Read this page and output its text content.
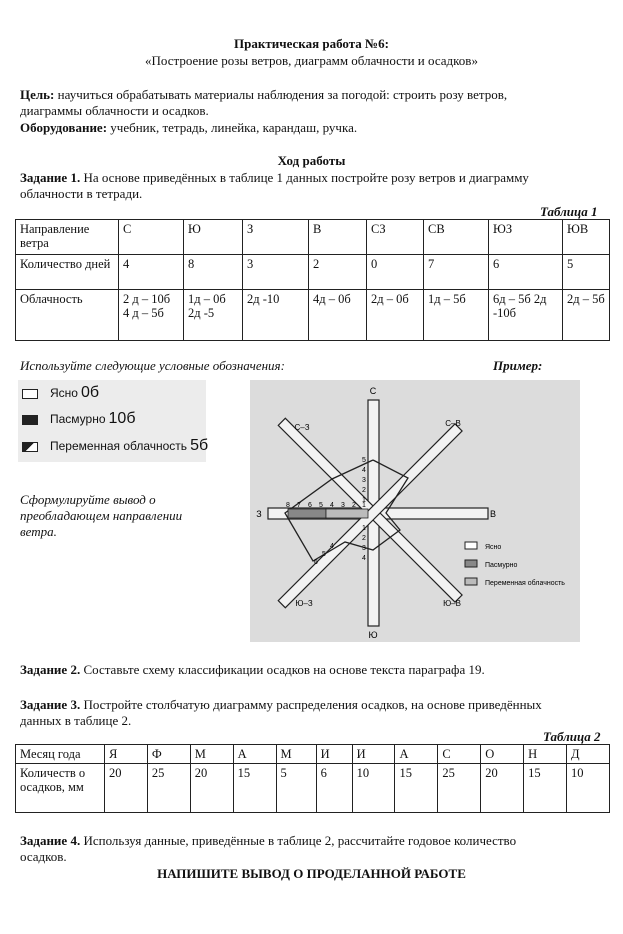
Практическая работа №6:
«Построение розы ветров, диаграмм облачности и осадков»
Цель: научиться обрабатывать материалы наблюдения за погодой: строить розу ветров,
диаграммы облачности и осадков.
Оборудование: учебник, тетрадь, линейка, карандаш, ручка.
Ход работы
Задание 1. На основе приведённых в таблице 1 данных постройте розу ветров и диаграмму
облачности в тетради.
Таблица 1
Направление ветра	С	Ю	З	В	СЗ	СВ	ЮЗ	ЮВ
Количество дней	4	8	3	2	0	7	6	5
Облачность	2 д – 10б 4 д – 5б	1д – 0б 2д -5	2д -10	4д – 0б	2д – 0б	1д – 5б	6д – 5б 2д -10б	2д – 5б
Используйте следующие условные обозначения:	Пример:
Ясно 0б
Пасмурно 10б
Переменная облачность 5б
Сформулируйте вывод о
преобладающем направлении
ветра.
С
Ю
З	В
С–З	С–В
Ю–З	Ю–В
8 7 6 5 4 3 2 1
5
4
3
2
1
1
2
3
4
4
5
6
Ясно
Пасмурно
Переменная облачность
Задание 2. Составьте схему классификации осадков на основе текста параграфа 19.
Задание 3. Постройте столбчатую диаграмму распределения осадков, на основе приведённых
данных в таблице 2.
Таблица 2
Месяц года	Я	Ф	М	А	М	И	И	А	С	О	Н	Д
Количеств о осадков, мм	20	25	20	15	5	6	10	15	25	20	15	10
Задание 4. Используя данные, приведённые в таблице 2, рассчитайте годовое количество
осадков.
НАПИШИТЕ ВЫВОД О ПРОДЕЛАННОЙ РАБОТЕ
